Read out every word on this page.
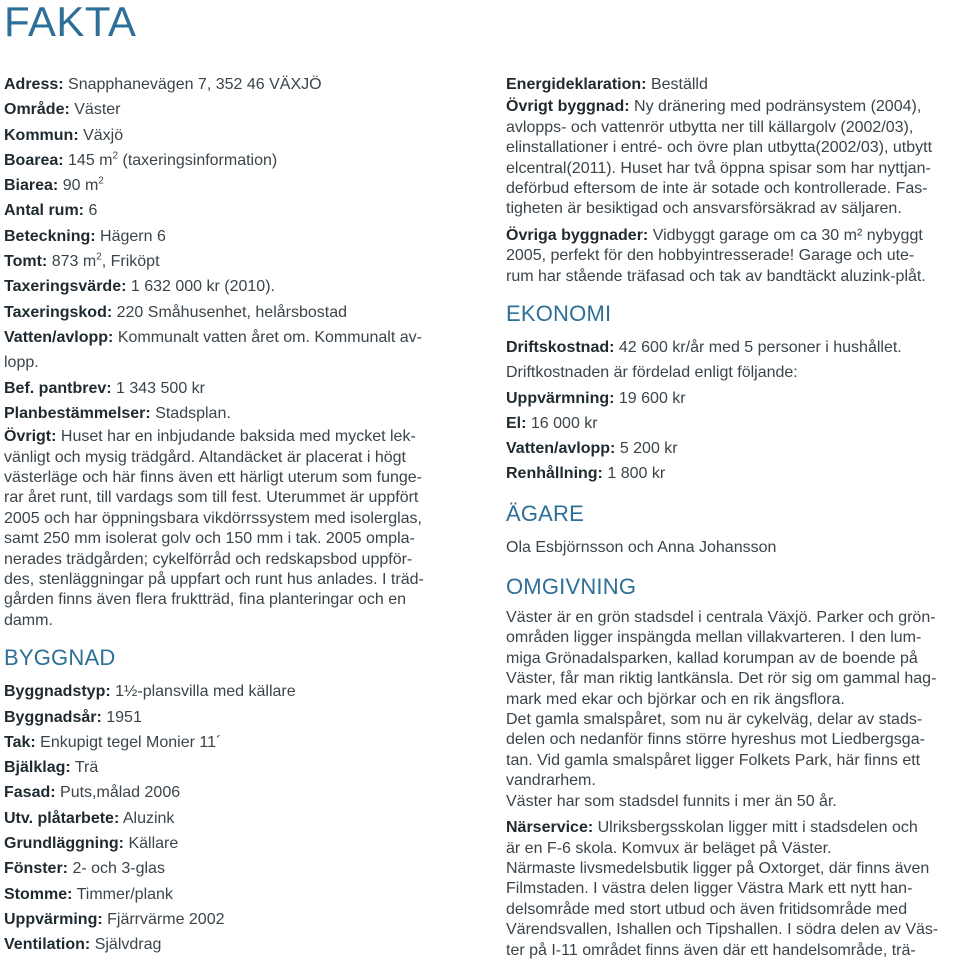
FAKTA

Adress: Snapphanevägen 7, 352 46 VÄXJÖ

Område: Väster

Kommun: Växjö

Boarea: 145 $m^2$ (taxeringsinformation)

Biarea: 90 $m^2$

Antal rum: 6

Beteckning: Hägern 6

Tomt: 873 $m^2$, Friköpt

Taxeringsvärde: 1 632 000 kr (2010).

Taxeringskod: 220 Småhusenhet, helårsbostad

Vatten/avlopp: Kommunalt vatten året om. Kommunalt av-

lopp.

Bef. pantbrev: 1 343 500 kr

Planbestämmelser: Stadsplan.

Övrigt: Huset har en inbjudande baksida med mycket lek-

vänligt och mysig trädgård. Altandäcket är placerat i högt

västerläge och här finns även ett härligt uterum som funge-

rar året runt, till vardags som till fest. Uterummet är uppfört

2005 och har öppningsbara vikdörrssystem med isolerglas,

samt 250 mm isolerat golv och 150 mm i tak. 2005 ompla-

nerades trädgården; cykelförråd och redskapsbod uppför-

des, stenläggningar på uppfart och runt hus anlades. I träd-

gården finns även flera fruktträd, fina planteringar och en

damm.

BYGGNAD

Byggnadstyp: 1½-plansvilla med källare

Byggnadsår: 1951

Tak: Enkupigt tegel Monier 11´

Bjälklag: Trä

Fasad: Puts,målad 2006

Utv. plåtarbete: Aluzink

Grundläggning: Källare

Fönster: 2- och 3-glas

Stomme: Timmer/plank

Uppvärming: Fjärrvärme 2002

Ventilation: Självdrag

Energideklaration: Beställd

Övrigt byggnad: Ny dränering med podränsystem (2004),

avlopps- och vattenrör utbytta ner till källargolv (2002/03),

elinstallationer i entré- och övre plan utbytta(2002/03), utbytt

elcentral(2011). Huset har två öppna spisar som har nyttjan-

deförbud eftersom de inte är sotade och kontrollerade. Fas-

tigheten är besiktigad och ansvarsförsäkrad av säljaren.

Övriga byggnader: Vidbyggt garage om ca 30 m² nybyggt

2005, perfekt för den hobbyintresserade! Garage och ute-

rum har stående träfasad och tak av bandtäckt aluzink-plåt.

EKONOMI

Driftskostnad: 42 600 kr/år med 5 personer i hushållet.

Driftkostnaden är fördelad enligt följande:

Uppvärmning: 19 600 kr

El: 16 000 kr

Vatten/avlopp: 5 200 kr

Renhållning: 1 800 kr

ÄGARE

Ola Esbjörnsson och Anna Johansson

OMGIVNING

Väster är en grön stadsdel i centrala Växjö. Parker och grön-

områden ligger inspängda mellan villakvarteren. I den lum-

miga Grönadalsparken, kallad korumpan av de boende på

Väster, får man riktig lantkänsla. Det rör sig om gammal hag-

mark med ekar och björkar och en rik ängsflora.

Det gamla smalspåret, som nu är cykelväg, delar av stads-

delen och nedanför finns större hyreshus mot Liedbergsga-

tan. Vid gamla smalspåret ligger Folkets Park, här finns ett

vandrarhem.

Väster har som stadsdel funnits i mer än 50 år.

Närservice: Ulriksbergsskolan ligger mitt i stadsdelen och

är en F-6 skola. Komvux är beläget på Väster.

Närmaste livsmedelsbutik ligger på Oxtorget, där finns även

Filmstaden. I västra delen ligger Västra Mark ett nytt han-

delsområde med stort utbud och även fritidsområde med

Värendsvallen, Ishallen och Tipshallen. I södra delen av Väs-

ter på I-11 området finns även där ett handelsområde, trä-
